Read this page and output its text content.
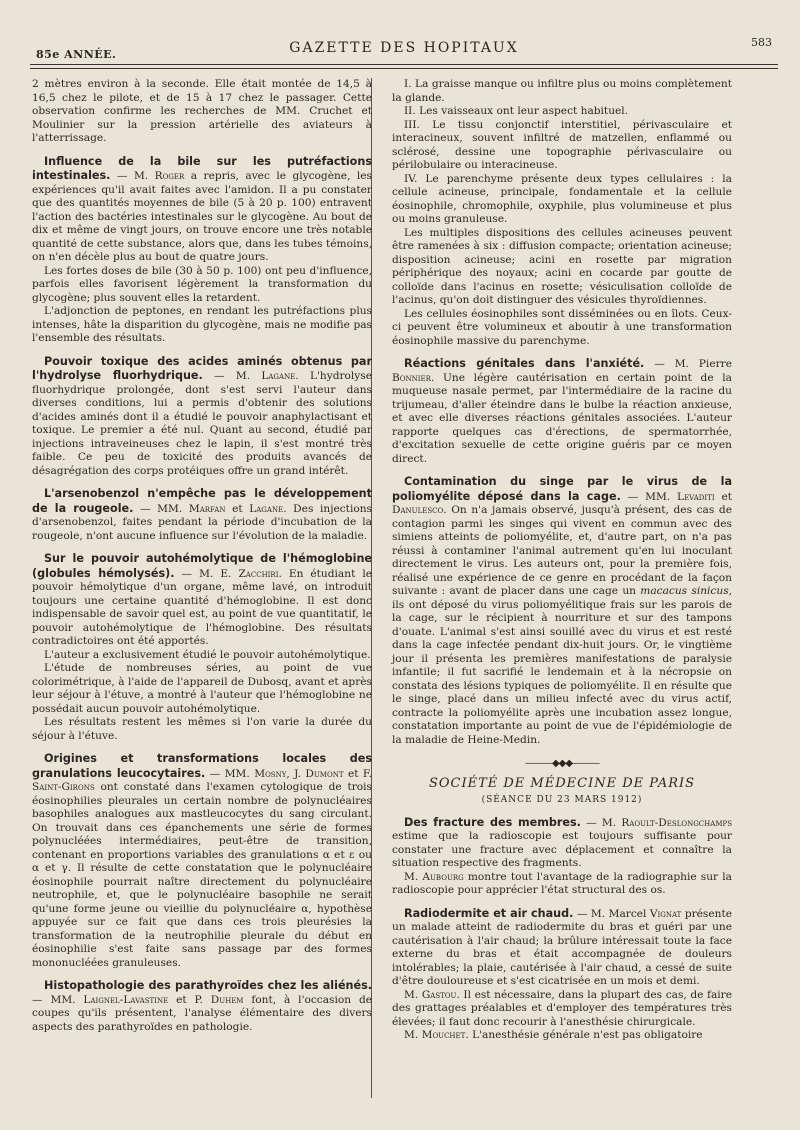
85e ANNÉE.	GAZETTE DES HOPITAUX	583

2 mètres environ à la seconde. Elle était montée de 14,5 à 16,5 chez le pilote, et de 15 à 17 chez le passager. Cette observation confirme les recherches de MM. Cruchet et Moulinier sur la pression artérielle des aviateurs à l'atterrissage.

Influence de la bile sur les putréfactions intestinales. — M. Roger a repris, avec le glycogène, les expériences qu'il avait faites avec l'amidon. Il a pu constater que des quantités moyennes de bile (5 à 20 p. 100) entravent l'action des bactéries intestinales sur le glycogène. Au bout de dix et même de vingt jours, on trouve encore une très notable quantité de cette substance, alors que, dans les tubes témoins, on n'en décèle plus au bout de quatre jours.

Les fortes doses de bile (30 à 50 p. 100) ont peu d'influence, parfois elles favorisent légèrement la transformation du glycogène; plus souvent elles la retardent.

L'adjonction de peptones, en rendant les putréfactions plus intenses, hâte la disparition du glycogène, mais ne modifie pas l'ensemble des résultats.

Pouvoir toxique des acides aminés obtenus par l'hydrolyse fluorhydrique. — M. Lagane. L'hydrolyse fluorhydrique prolongée, dont s'est servi l'auteur dans diverses conditions, lui a permis d'obtenir des solutions d'acides aminés dont il a étudié le pouvoir anaphylactisant et toxique. Le premier a été nul. Quant au second, étudié par injections intraveineuses chez le lapin, il s'est montré très faible. Ce peu de toxicité des produits avancés de désagrégation des corps protéiques offre un grand intérêt.

L'arsenobenzol n'empêche pas le développement de la rougeole. — MM. Marfan et Lagane. Des injections d'arsenobenzol, faites pendant la période d'incubation de la rougeole, n'ont aucune influence sur l'évolution de la maladie.

Sur le pouvoir autohémolytique de l'hémoglobine (globules hémolysés). — M. E. Zacchiri. En étudiant le pouvoir hémolytique d'un organe, même lavé, on introduit toujours une certaine quantité d'hémoglobine. Il est donc indispensable de savoir quel est, au point de vue quantitatif, le pouvoir autohémolytique de l'hémoglobine. Des résultats contradictoires ont été apportés.

L'auteur a exclusivement étudié le pouvoir autohémolytique.

L'étude de nombreuses séries, au point de vue colorimétrique, à l'aide de l'appareil de Dubosq, avant et après leur séjour à l'étuve, a montré à l'auteur que l'hémoglobine ne possédait aucun pouvoir autohémolytique.

Les résultats restent les mêmes si l'on varie la durée du séjour à l'étuve.

Origines et transformations locales des granulations leucocytaires. — MM. Mosny, J. Dumont et F. Saint-Girons ont constaté dans l'examen cytologique de trois éosinophilies pleurales un certain nombre de polynucléaires basophiles analogues aux mastleucocytes du sang circulant. On trouvait dans ces épanchements une série de formes polynucléées intermédiaires, peut-être de transition, contenant en proportions variables des granulations α et ε ou α et γ. Il résulte de cette constatation que le polynucléaire éosinophile pourrait naître directement du polynucléaire neutrophile, et, que le polynucléaire basophile ne serait qu'une forme jeune ou vieillie du polynucléaire α, hypothèse appuyée sur ce fait que dans ces trois pleurésies la transformation de la neutrophilie pleurale du début en éosinophilie s'est faite sans passage par des formes mononucléées granuleuses.

Histopathologie des parathyroïdes chez les aliénés. — MM. Laignel-Lavastine et P. Duhem font, à l'occasion de coupes qu'ils présentent, l'analyse élémentaire des divers aspects des parathyroïdes en pathologie.

I. La graisse manque ou infiltre plus ou moins complètement la glande.

II. Les vaisseaux ont leur aspect habituel.

III. Le tissu conjonctif interstitiel, périvasculaire et interacineux, souvent infiltré de matzellen, enflammé ou sclérosé, dessine une topographie périvasculaire ou périlobulaire ou interacineuse.

IV. Le parenchyme présente deux types cellulaires : la cellule acineuse, principale, fondamentale et la cellule éosinophile, chromophile, oxyphile, plus volumineuse et plus ou moins granuleuse.

Les multiples dispositions des cellules acineuses peuvent être ramenées à six : diffusion compacte; orientation acineuse; disposition acineuse; acini en rosette par migration périphérique des noyaux; acini en cocarde par goutte de colloïde dans l'acinus en rosette; vésiculisation colloïde de l'acinus, qu'on doit distinguer des vésicules thyroïdiennes.

Les cellules éosinophiles sont disséminées ou en îlots. Ceux-ci peuvent être volumineux et aboutir à une transformation éosinophile massive du parenchyme.

Réactions génitales dans l'anxiété. — M. Pierre Bonnier. Une légère cautérisation en certain point de la muqueuse nasale permet, par l'intermédiaire de la racine du trijumeau, d'aller éteindre dans le bulbe la réaction anxieuse, et avec elle diverses réactions génitales associées. L'auteur rapporte quelques cas d'érections, de spermatorrhée, d'excitation sexuelle de cette origine guéris par ce moyen direct.

Contamination du singe par le virus de la poliomyélite déposé dans la cage. — MM. Levaditi et Danulesco. On n'a jamais observé, jusqu'à présent, des cas de contagion parmi les singes qui vivent en commun avec des simiens atteints de poliomyélite, et, d'autre part, on n'a pas réussi à contaminer l'animal autrement qu'en lui inoculant directement le virus. Les auteurs ont, pour la première fois, réalisé une expérience de ce genre en procédant de la façon suivante : avant de placer dans une cage un macacus sinicus, ils ont déposé du virus poliomyélitique frais sur les parois de la cage, sur le récipient à nourriture et sur des tampons d'ouate. L'animal s'est ainsi souillé avec du virus et est resté dans la cage infectée pendant dix-huit jours. Or, le vingtième jour il présenta les premières manifestations de paralysie infantile; il fut sacrifié le lendemain et à la nécropsie on constata des lésions typiques de poliomyélite. Il en résulte que le singe, placé dans un milieu infecté avec du virus actif, contracte la poliomyélite après une incubation assez longue, constatation importante au point de vue de l'épidémiologie de la maladie de Heine-Medin.

———◆◆◆———
SOCIÉTÉ DE MÉDECINE DE PARIS
(SÉANCE DU 23 MARS 1912)

Des fracture des membres. — M. Raoult-Deslongchamps estime que la radioscopie est toujours suffisante pour constater une fracture avec déplacement et connaître la situation respective des fragments.

M. Aubourg montre tout l'avantage de la radiographie sur la radioscopie pour apprécier l'état structural des os.

Radiodermite et air chaud. — M. Marcel Vignat présente un malade atteint de radiodermite du bras et guéri par une cautérisation à l'air chaud; la brûlure intéressait toute la face externe du bras et était accompagnée de douleurs intolérables; la plaie, cautérisée à l'air chaud, a cessé de suite d'être douloureuse et s'est cicatrisée en un mois et demi.

M. Gastou. Il est nécessaire, dans la plupart des cas, de faire des grattages préalables et d'employer des températures très élevées; il faut donc recourir à l'anesthésie chirurgicale.

M. Mouchet. L'anesthésie générale n'est pas obligatoire
